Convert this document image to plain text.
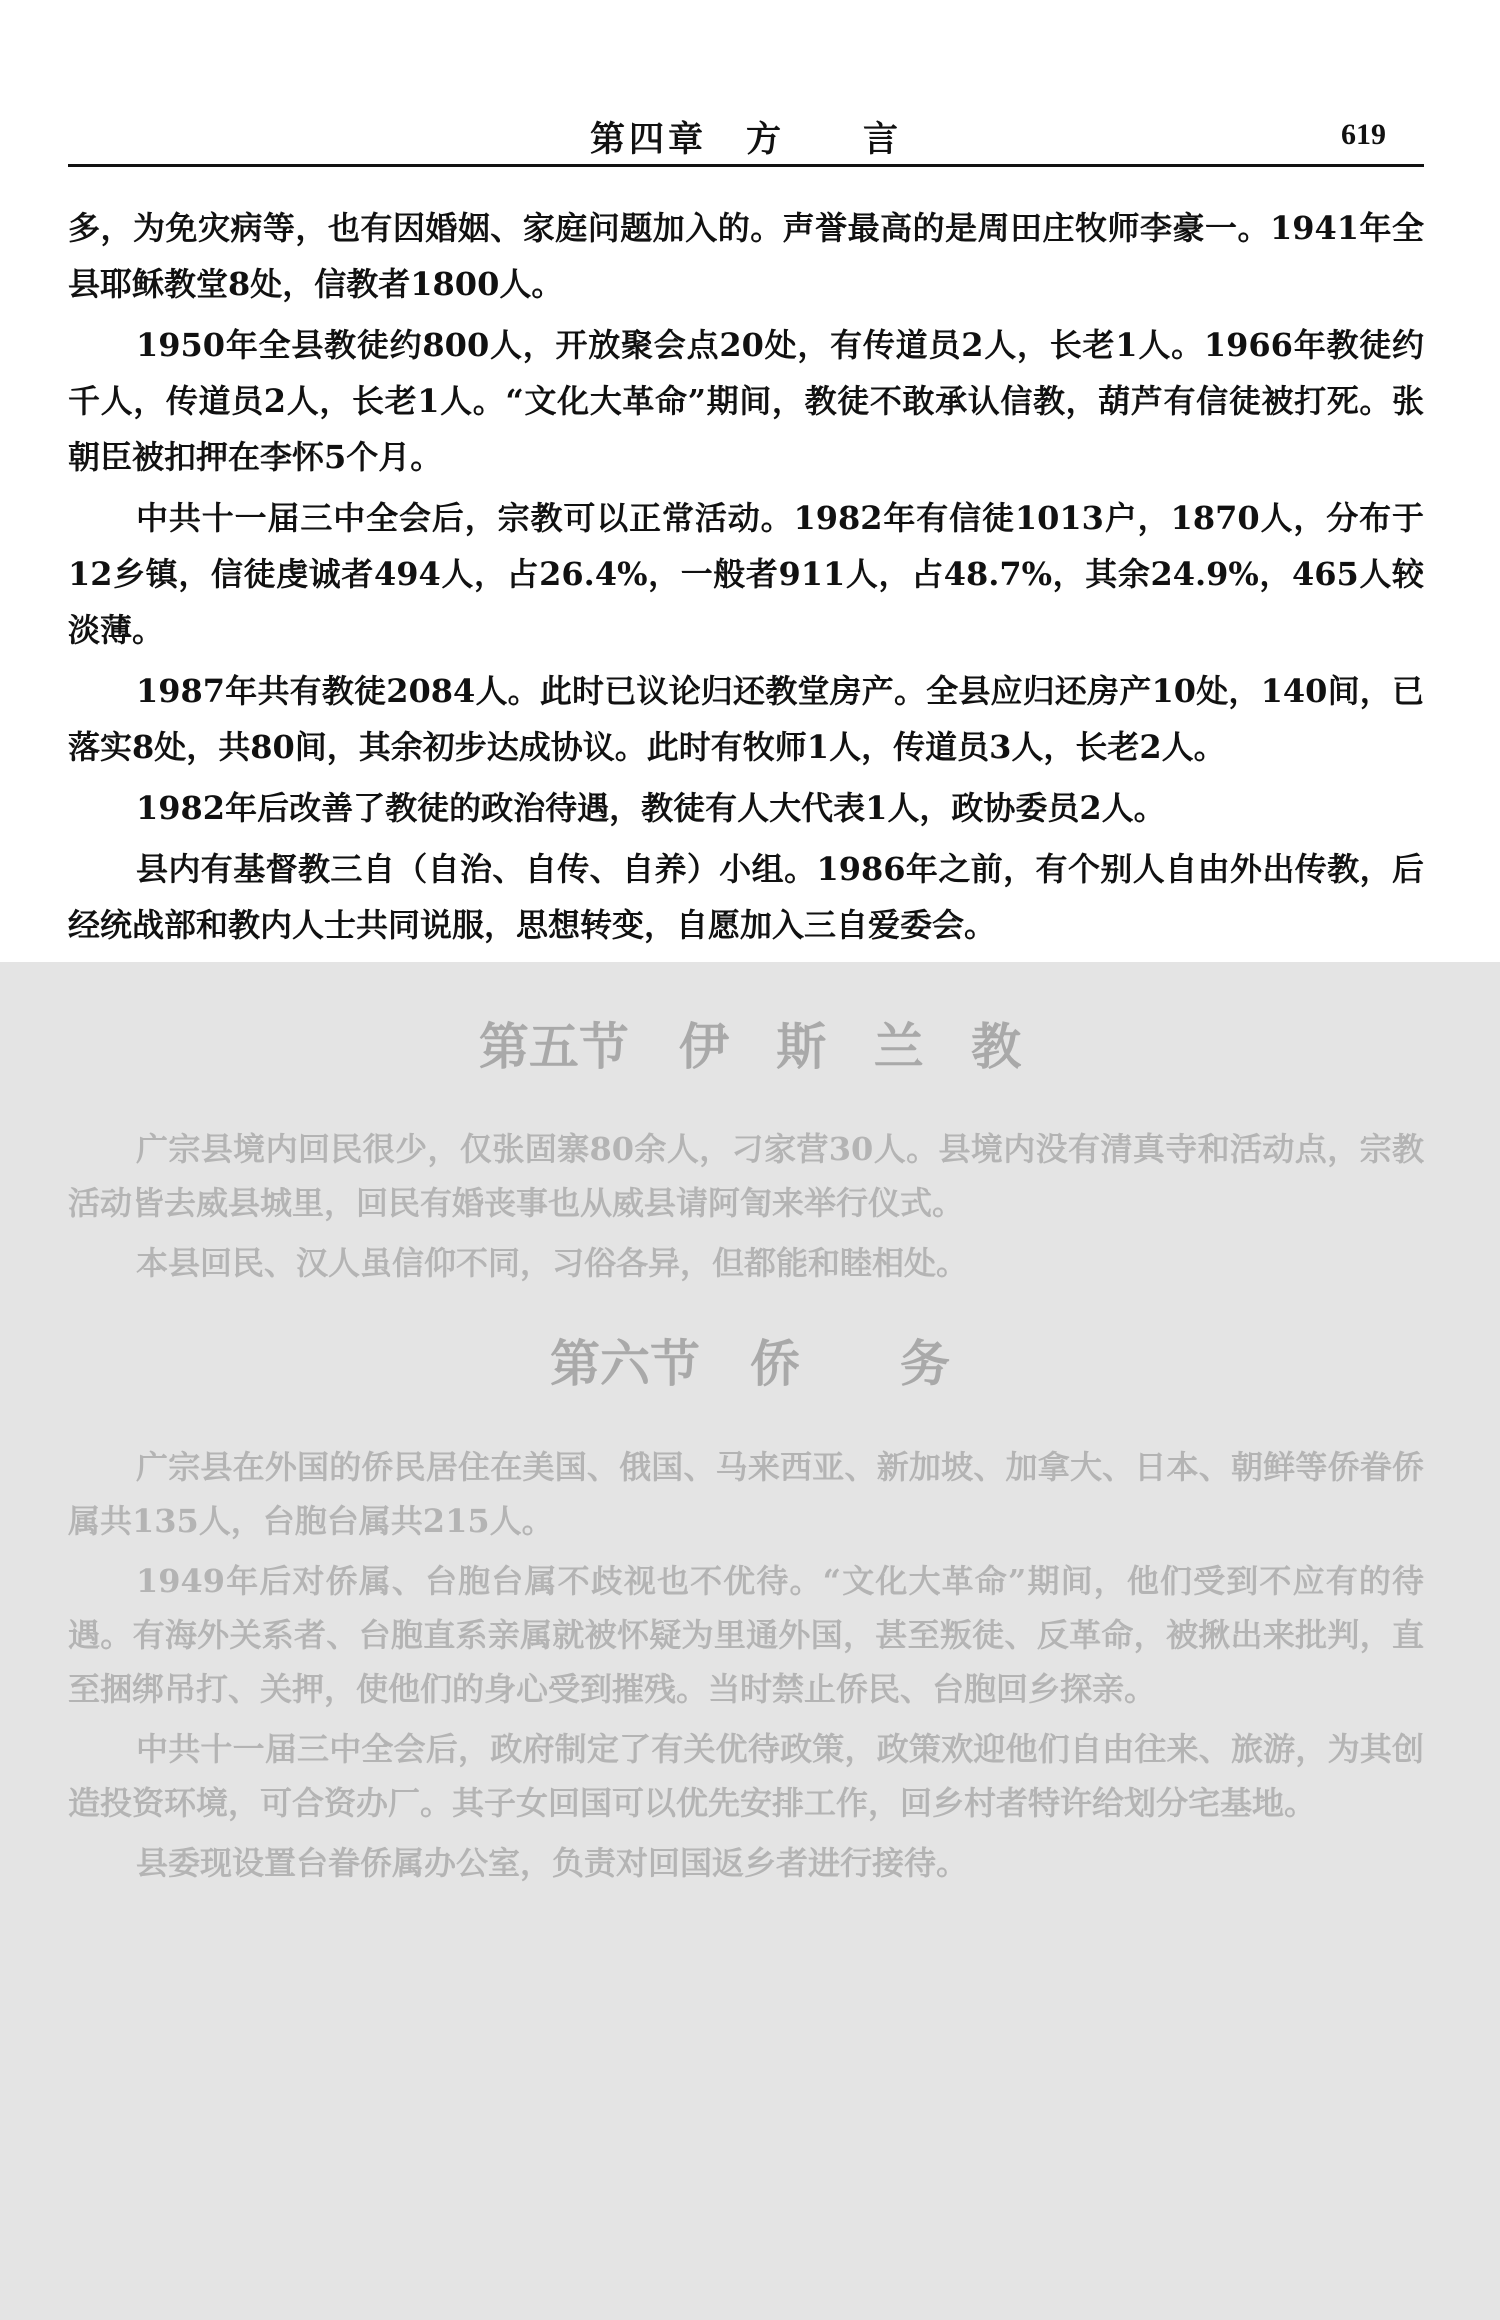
第四章　方　　言	619

多，为免灾病等，也有因婚姻、家庭问题加入的。声誉最高的是周田庄牧师李豪一。1941年全县耶稣教堂8处，信教者1800人。

1950年全县教徒约800人，开放聚会点20处，有传道员2人，长老1人。1966年教徒约千人，传道员2人，长老1人。“文化大革命”期间，教徒不敢承认信教，葫芦有信徒被打死。张朝臣被扣押在李怀5个月。

中共十一届三中全会后，宗教可以正常活动。1982年有信徒1013户，1870人，分布于12乡镇，信徒虔诚者494人，占26.4%，一般者911人，占48.7%，其余24.9%，465人较淡薄。

1987年共有教徒2084人。此时已议论归还教堂房产。全县应归还房产10处，140间，已落实8处，共80间，其余初步达成协议。此时有牧师1人，传道员3人，长老2人。

1982年后改善了教徒的政治待遇，教徒有人大代表1人，政协委员2人。

县内有基督教三自（自治、自传、自养）小组。1986年之前，有个别人自由外出传教，后经统战部和教内人士共同说服，思想转变，自愿加入三自爱委会。

第五节　伊 斯 兰 教

广宗县境内回民很少，仅张固寨80余人，刁家营30人。县境内没有清真寺和活动点，宗教活动皆去威县城里，回民有婚丧事也从威县请阿訇来举行仪式。

本县回民、汉人虽信仰不同，习俗各异，但都能和睦相处。

第六节　侨　　务

广宗县在外国的侨民居住在美国、俄国、马来西亚、新加坡、加拿大、日本、朝鲜等侨眷侨属共135人，台胞台属共215人。

1949年后对侨属、台胞台属不歧视也不优待。“文化大革命”期间，他们受到不应有的待遇。有海外关系者、台胞直系亲属就被怀疑为里通外国，甚至叛徒、反革命，被揪出来批判，直至捆绑吊打、关押，使他们的身心受到摧残。当时禁止侨民、台胞回乡探亲。

中共十一届三中全会后，政府制定了有关优待政策，政策欢迎他们自由往来、旅游，为其创造投资环境，可合资办厂。其子女回国可以优先安排工作，回乡村者特许给划分宅基地。

县委现设置台眷侨属办公室，负责对回国返乡者进行接待。
